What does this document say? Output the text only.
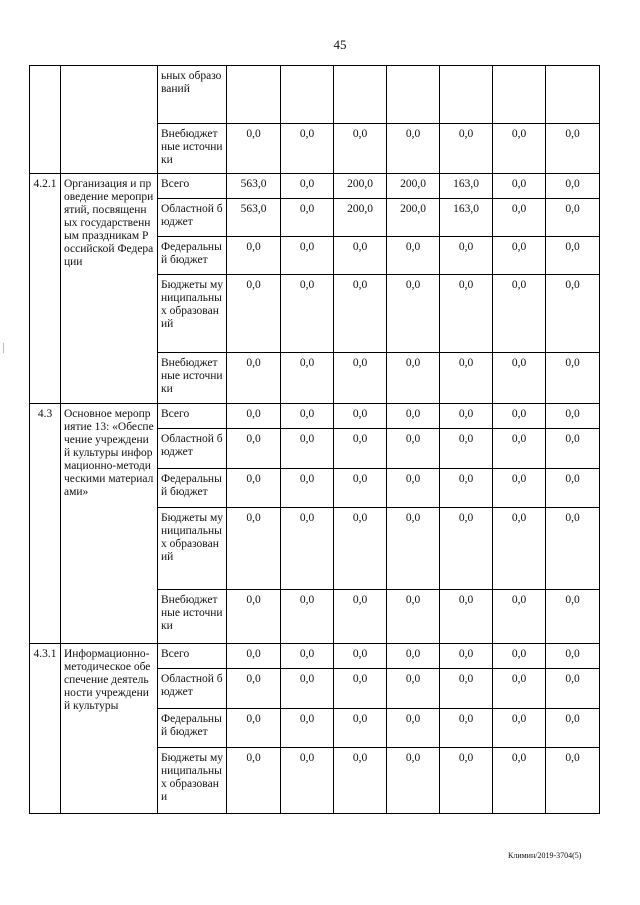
45
		ьных образований							
		Внебюджетные источники	0,0	0,0	0,0	0,0	0,0	0,0	0,0
4.2.1	Организация и проведение мероприятий, посвященных государственным праздникам Российской Федерации	Всего	563,0	0,0	200,0	200,0	163,0	0,0	0,0
		Областной бюджет	563,0	0,0	200,0	200,0	163,0	0,0	0,0
		Федеральный бюджет	0,0	0,0	0,0	0,0	0,0	0,0	0,0
		Бюджеты муниципальных образований	0,0	0,0	0,0	0,0	0,0	0,0	0,0
		Внебюджетные источники	0,0	0,0	0,0	0,0	0,0	0,0	0,0
4.3	Основное мероприятие 13: «Обеспечение учреждений культуры информационно-методическими материалами»	Всего	0,0	0,0	0,0	0,0	0,0	0,0	0,0
		Областной бюджет	0,0	0,0	0,0	0,0	0,0	0,0	0,0
		Федеральный бюджет	0,0	0,0	0,0	0,0	0,0	0,0	0,0
		Бюджеты муниципальных образований	0,0	0,0	0,0	0,0	0,0	0,0	0,0
		Внебюджетные источники	0,0	0,0	0,0	0,0	0,0	0,0	0,0
4.3.1	Информационно-методическое обеспечение деятельности учреждений культуры	Всего	0,0	0,0	0,0	0,0	0,0	0,0	0,0
		Областной бюджет	0,0	0,0	0,0	0,0	0,0	0,0	0,0
		Федеральный бюджет	0,0	0,0	0,0	0,0	0,0	0,0	0,0
		Бюджеты муниципальных образовани	0,0	0,0	0,0	0,0	0,0	0,0	0,0
Климин/2019-3704(5)
